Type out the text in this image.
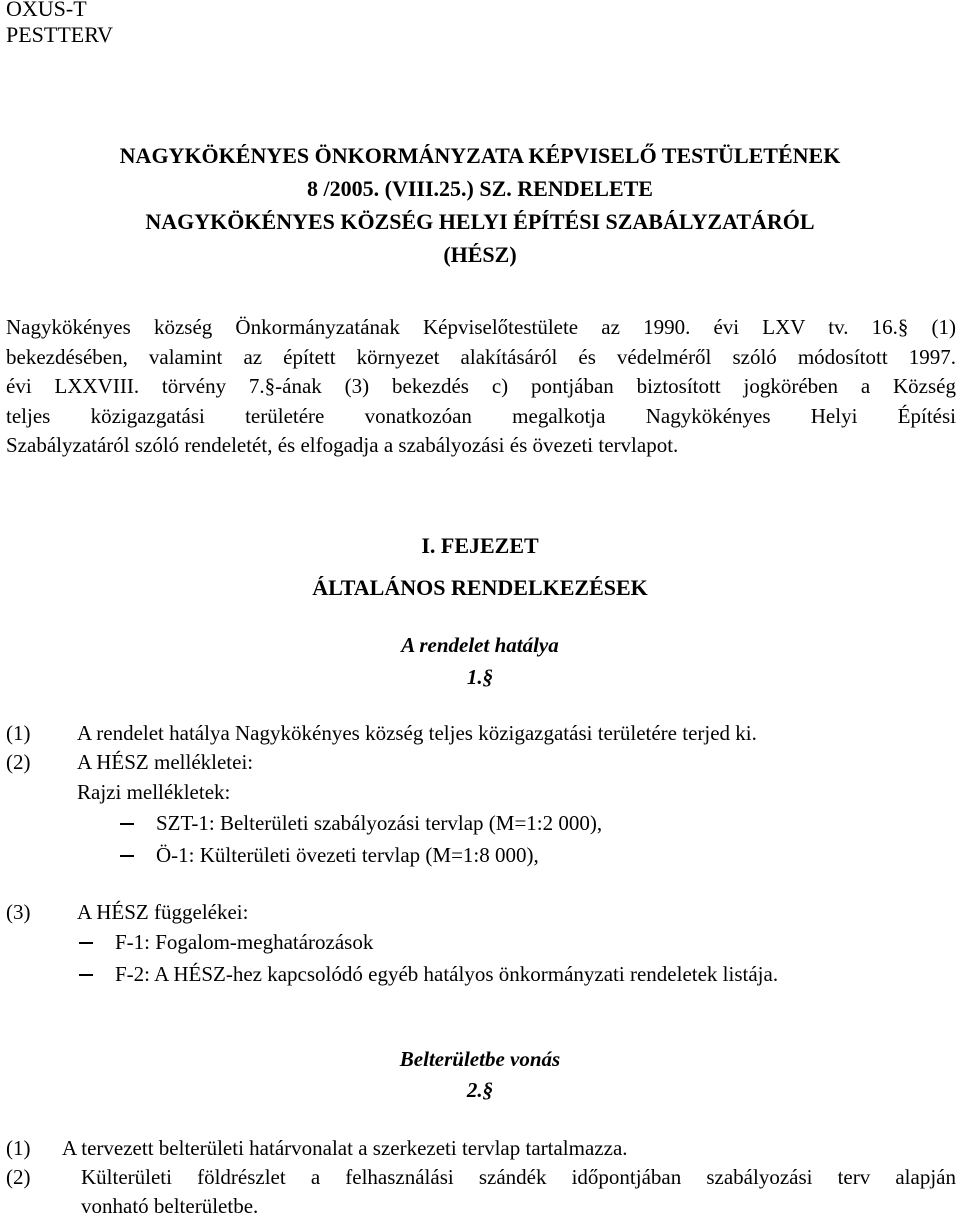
OXUS-T
PESTTERV
NAGYKÖKÉNYES ÖNKORMÁNYZATA KÉPVISELŐ TESTÜLETÉNEK
8 /2005. (VIII.25.) SZ. RENDELETE
NAGYKÖKÉNYES KÖZSÉG HELYI ÉPÍTÉSI SZABÁLYZATÁRÓL
(HÉSZ)
Nagykökényes község Önkormányzatának Képviselőtestülete az 1990. évi LXV tv. 16.§ (1)
bekezdésében, valamint az épített környezet alakításáról és védelméről szóló módosított 1997.
évi LXXVIII. törvény 7.§-ának (3) bekezdés c) pontjában biztosított jogkörében a Község
teljes közigazgatási területére vonatkozóan megalkotja Nagykökényes Helyi Építési
Szabályzatáról szóló rendeletét, és elfogadja a szabályozási és övezeti tervlapot.
I. FEJEZET
ÁLTALÁNOS RENDELKEZÉSEK
A rendelet hatálya
1.§
(1) A rendelet hatálya Nagykökényes község teljes közigazgatási területére terjed ki.
(2) A HÉSZ mellékletei:
Rajzi mellékletek:
SZT-1: Belterületi szabályozási tervlap (M=1:2 000),
Ö-1: Külterületi övezeti tervlap (M=1:8 000),
(3) A HÉSZ függelékei:
F-1: Fogalom-meghatározások
F-2: A HÉSZ-hez kapcsolódó egyéb hatályos önkormányzati rendeletek listája.
Belterületbe vonás
2.§
(1) A tervezett belterületi határvonalat a szerkezeti tervlap tartalmazza.
(2) Külterületi földrészlet a felhasználási szándék időpontjában szabályozási terv alapján
vonható belterületbe.
